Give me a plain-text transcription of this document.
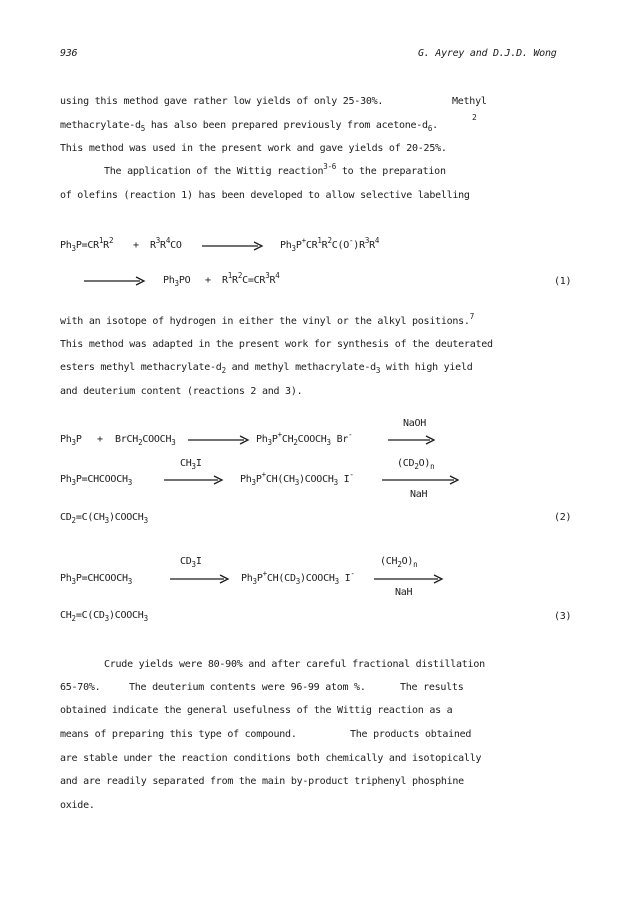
936	G. Ayrey and D.J.D. Wong
using this method gave rather low yields of only 25-30%.	Methyl
methacrylate-$d_5$ has also been prepared previously from acetone-$d_6$.
2
This method was used in the present work and gave yields of 20-25%.
The application of the Wittig reaction$^{3-6}$ to the preparation
of olefins (reaction 1) has been developed to allow selective labelling
$Ph_3P=CR^1R^2 + R^3R^4CO$	$Ph_3P^+CR^1R^2C(O^-)R^3R^4$
$Ph_3PO + R^1R^2C=CR^3R^4$
(1)
with an isotope of hydrogen in either the vinyl or the alkyl positions.$^7$
This method was adapted in the present work for synthesis of the deuterated
esters methyl methacrylate-$d_2$ and methyl methacrylate-$d_3$ with high yield
and deuterium content (reactions 2 and 3).
$Ph_3P$ + $BrCH_2COOCH_3$	$Ph_3P^+CH_2COOCH_3$ Br-
NaOH
$Ph_3P=CHCOOCH_3$
$CH_3I$
$Ph_3P^+CH(CH_3)COOCH_3$ I-
$(CD_2O)_n$
NaH
$CD_2=C(CH_3)COOCH_3$	(2)
$CD_3I$	$(CH_2O)_n$
$Ph_3P=CHCOOCH_3$	$Ph_3P^+CH(CD_3)COOCH_3$ I-
NaH
$CH_2=C(CD_3)COOCH_3$	(3)
Crude yields were 80-90% and after careful fractional distillation
65-70%.	The deuterium contents were 96-99 atom %.	The results
obtained indicate the general usefulness of the Wittig reaction as a
means of preparing this type of compound.	The products obtained
are stable under the reaction conditions both chemically and isotopically
and are readily separated from the main by-product triphenyl phosphine
oxide.
